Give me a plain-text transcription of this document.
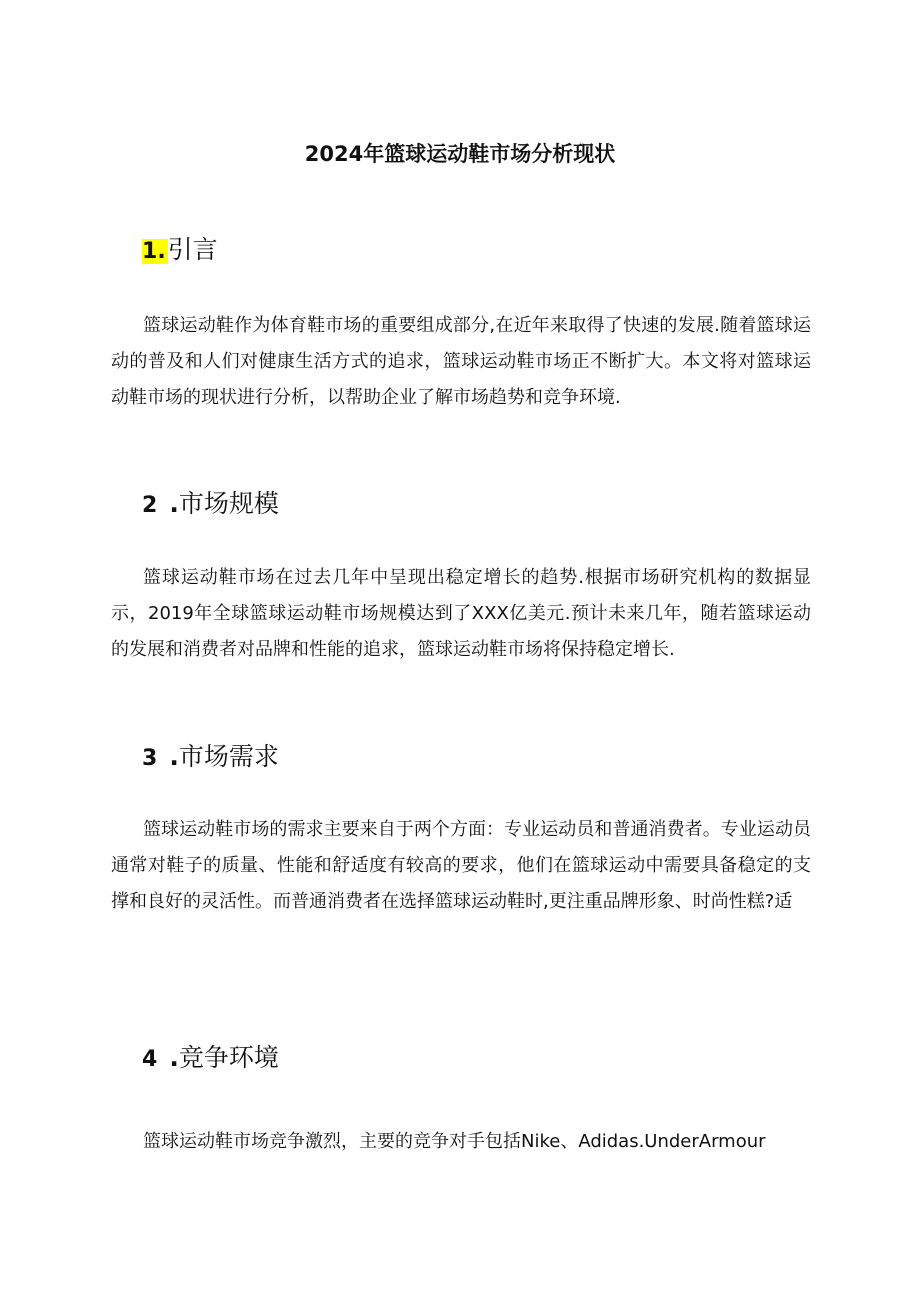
2024年篮球运动鞋市场分析现状
1.引言

篮球运动鞋作为体育鞋市场的重要组成部分,在近年来取得了快速的发展.随着篮球运动的普及和人们对健康生活方式的追求，篮球运动鞋市场正不断扩大。本文将对篮球运动鞋市场的现状进行分析，以帮助企业了解市场趋势和竞争环境.

2 .市场规模

篮球运动鞋市场在过去几年中呈现出稳定增长的趋势.根据市场研究机构的数据显示，2019年全球篮球运动鞋市场规模达到了XXX亿美元.预计未来几年，随若篮球运动的发展和消费者对品牌和性能的追求，篮球运动鞋市场将保持稳定增长.

3 .市场需求

篮球运动鞋市场的需求主要来自于两个方面：专业运动员和普通消费者。专业运动员通常对鞋子的质量、性能和舒适度有较高的要求，他们在篮球运动中需要具备稳定的支撑和良好的灵活性。而普通消费者在选择篮球运动鞋时,更注重品牌形象、时尚性糕?适

4 .竞争环境

篮球运动鞋市场竞争激烈，主要的竞争对手包括Nike、Adidas.UnderArmour
